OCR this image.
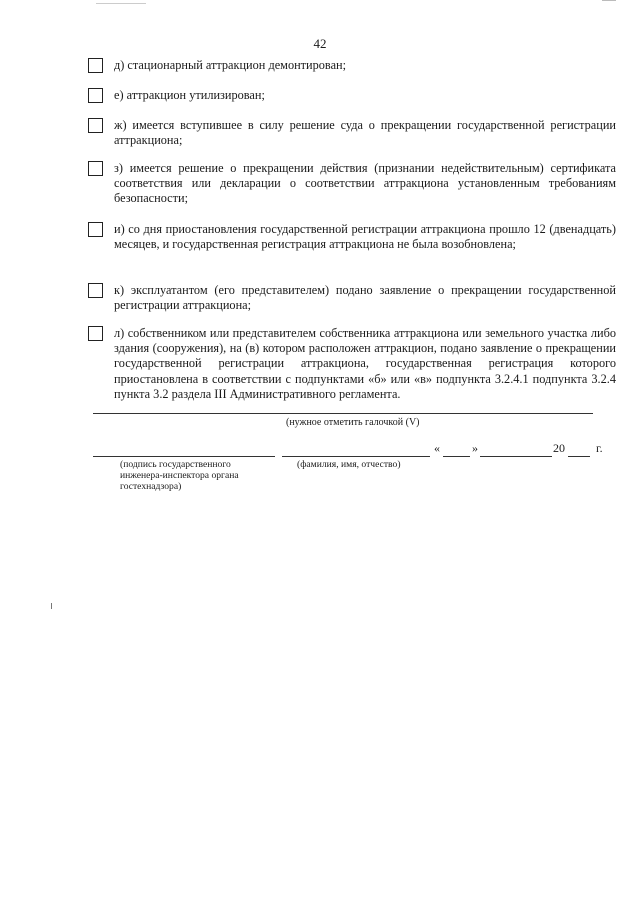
42
д) стационарный аттракцион демонтирован;
е) аттракцион утилизирован;
ж) имеется вступившее в силу решение суда о прекращении государственной регистрации аттракциона;
з) имеется решение о прекращении действия (признании недействительным) сертификата соответствия или декларации о соответствии аттракциона установленным требованиям безопасности;
и) со дня приостановления государственной регистрации аттракциона прошло 12 (двенадцать) месяцев, и государственная регистрация аттракциона не была возобновлена;
к) эксплуатантом (его представителем) подано заявление о прекращении государственной регистрации аттракциона;
л) собственником или представителем собственника аттракциона или земельного участка либо здания (сооружения), на (в) котором расположен аттракцион, подано заявление о прекращении государственной регистрации аттракциона, государственная регистрация которого приостановлена в соответствии с подпунктами «б» или «в» подпункта 3.2.4.1 подпункта 3.2.4 пункта 3.2 раздела III Административного регламента.
(нужное отметить галочкой (V)
«	»	20	г.
(подпись государственного инженера-инспектора органа гостехнадзора)
(фамилия, имя, отчество)
